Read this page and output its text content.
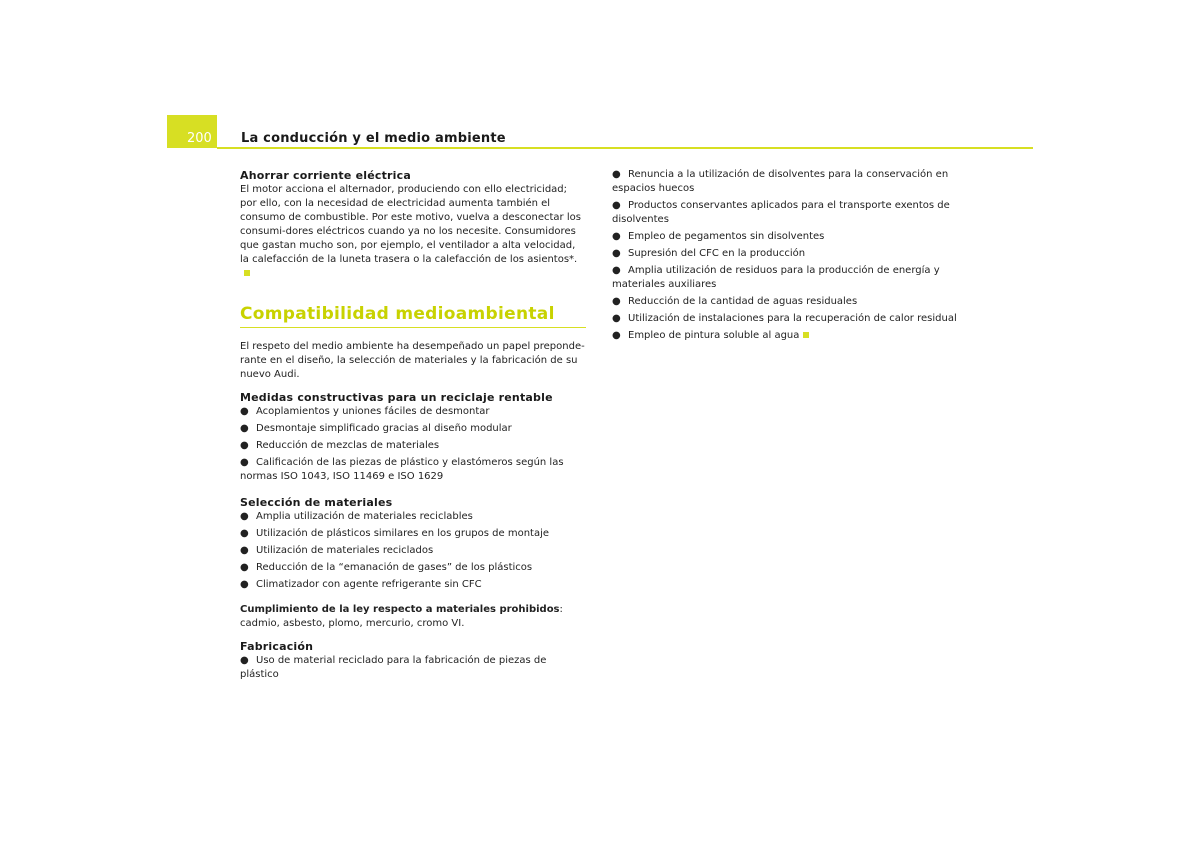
200 La conducción y el medio ambiente
Ahorrar corriente eléctrica

El motor acciona el alternador, produciendo con ello electricidad; por ello, con la necesidad de electricidad aumenta también el consumo de combustible. Por este motivo, vuelva a desconectar los consumi-dores eléctricos cuando ya no los necesite. Consumidores que gastan mucho son, por ejemplo, el ventilador a alta velocidad, la calefacción de la luneta trasera o la calefacción de los asientos*.

Compatibilidad medioambiental

El respeto del medio ambiente ha desempeñado un papel prepondе-rante en el diseño, la selección de materiales y la fabricación de su nuevo Audi.

Medidas constructivas para un reciclaje rentable
● Acoplamientos y uniones fáciles de desmontar
● Desmontaje simplificado gracias al diseño modular
● Reducción de mezclas de materiales
● Calificación de las piezas de plástico y elastómeros según las normas ISO 1043, ISO 11469 e ISO 1629
Selección de materiales
● Amplia utilización de materiales reciclables
● Utilización de plásticos similares en los grupos de montaje
● Utilización de materiales reciclados
● Reducción de la “emanación de gases” de los plásticos
● Climatizador con agente refrigerante sin CFC

Cumplimiento de la ley respecto a materiales prohibidos: cadmio, asbesto, plomo, mercurio, cromo VI.

Fabricación
● Uso de material reciclado para la fabricación de piezas de plástico
● Renuncia a la utilización de disolventes para la conservación en espacios huecos
● Productos conservantes aplicados para el transporte exentos de disolventes
● Empleo de pegamentos sin disolventes
● Supresión del CFC en la producción
● Amplia utilización de residuos para la producción de energía y materiales auxiliares
● Reducción de la cantidad de aguas residuales
● Utilización de instalaciones para la recuperación de calor residual
● Empleo de pintura soluble al agua
